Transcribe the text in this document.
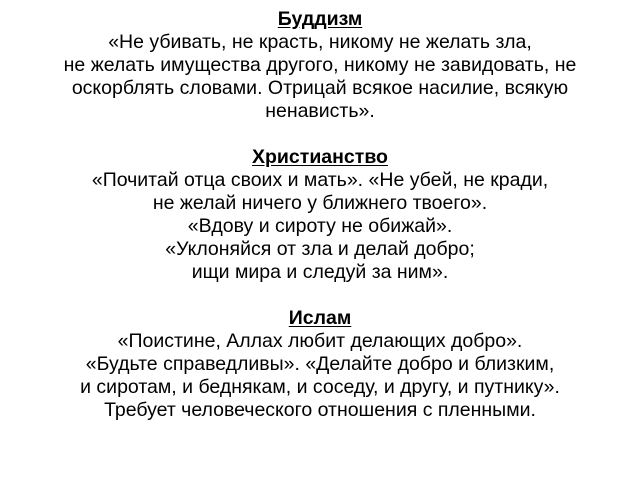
Буддизм
«Не убивать, не красть, никому не желать зла,
не желать имущества другого, никому не завидовать, не
оскорблять словами. Отрицай всякое насилие, всякую
ненависть».
Христианство
«Почитай отца своих и мать». «Не убей, не кради,
не желай ничего у ближнего твоего».
«Вдову и сироту не обижай».
«Уклоняйся от зла и делай добро;
ищи мира и следуй за ним».
Ислам
«Поистине, Аллах любит делающих добро».
«Будьте справедливы». «Делайте добро и близким,
и сиротам, и беднякам, и соседу, и другу, и путнику».
Требует человеческого отношения с пленными.
